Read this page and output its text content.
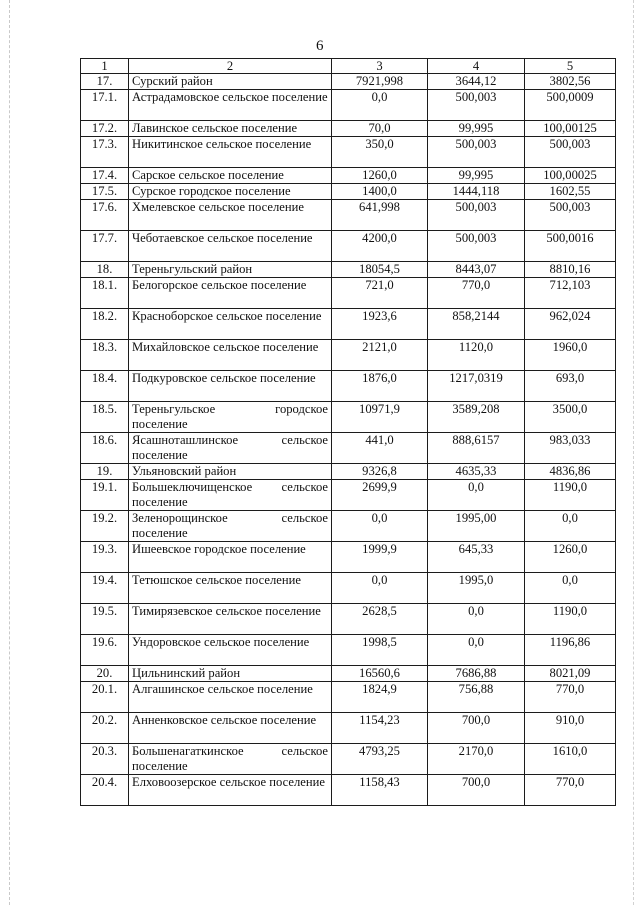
6
1	2	3	4	5
17.	Сурский район	7921,998	3644,12	3802,56
17.1.	Астрадамовское сельское поселение	0,0	500,003	500,0009
17.2.	Лавинское сельское поселение	70,0	99,995	100,00125
17.3.	Никитинское сельское поселение	350,0	500,003	500,003
17.4.	Сарское сельское поселение	1260,0	99,995	100,00025
17.5.	Сурское городское поселение	1400,0	1444,118	1602,55
17.6.	Хмелевское сельское поселение	641,998	500,003	500,003
17.7.	Чеботаевское сельское поселение	4200,0	500,003	500,0016
18.	Тереньгульский район	18054,5	8443,07	8810,16
18.1.	Белогорское сельское поселение	721,0	770,0	712,103
18.2.	Красноборское сельское поселение	1923,6	858,2144	962,024
18.3.	Михайловское сельское поселение	2121,0	1120,0	1960,0
18.4.	Подкуровское сельское поселение	1876,0	1217,0319	693,0
18.5.	Тереньгульское городское поселение	10971,9	3589,208	3500,0
18.6.	Ясашноташлинское сельское поселение	441,0	888,6157	983,033
19.	Ульяновский район	9326,8	4635,33	4836,86
19.1.	Большеключищенское сельское поселение	2699,9	0,0	1190,0
19.2.	Зеленорощинское сельское поселение	0,0	1995,00	0,0
19.3.	Ишеевское городское поселение	1999,9	645,33	1260,0
19.4.	Тетюшское сельское поселение	0,0	1995,0	0,0
19.5.	Тимирязевское сельское поселение	2628,5	0,0	1190,0
19.6.	Ундоровское сельское поселение	1998,5	0,0	1196,86
20.	Цильнинский район	16560,6	7686,88	8021,09
20.1.	Алгашинское сельское поселение	1824,9	756,88	770,0
20.2.	Анненковское сельское поселение	1154,23	700,0	910,0
20.3.	Большенагаткинское сельское поселение	4793,25	2170,0	1610,0
20.4.	Елховоозерское сельское поселение	1158,43	700,0	770,0
